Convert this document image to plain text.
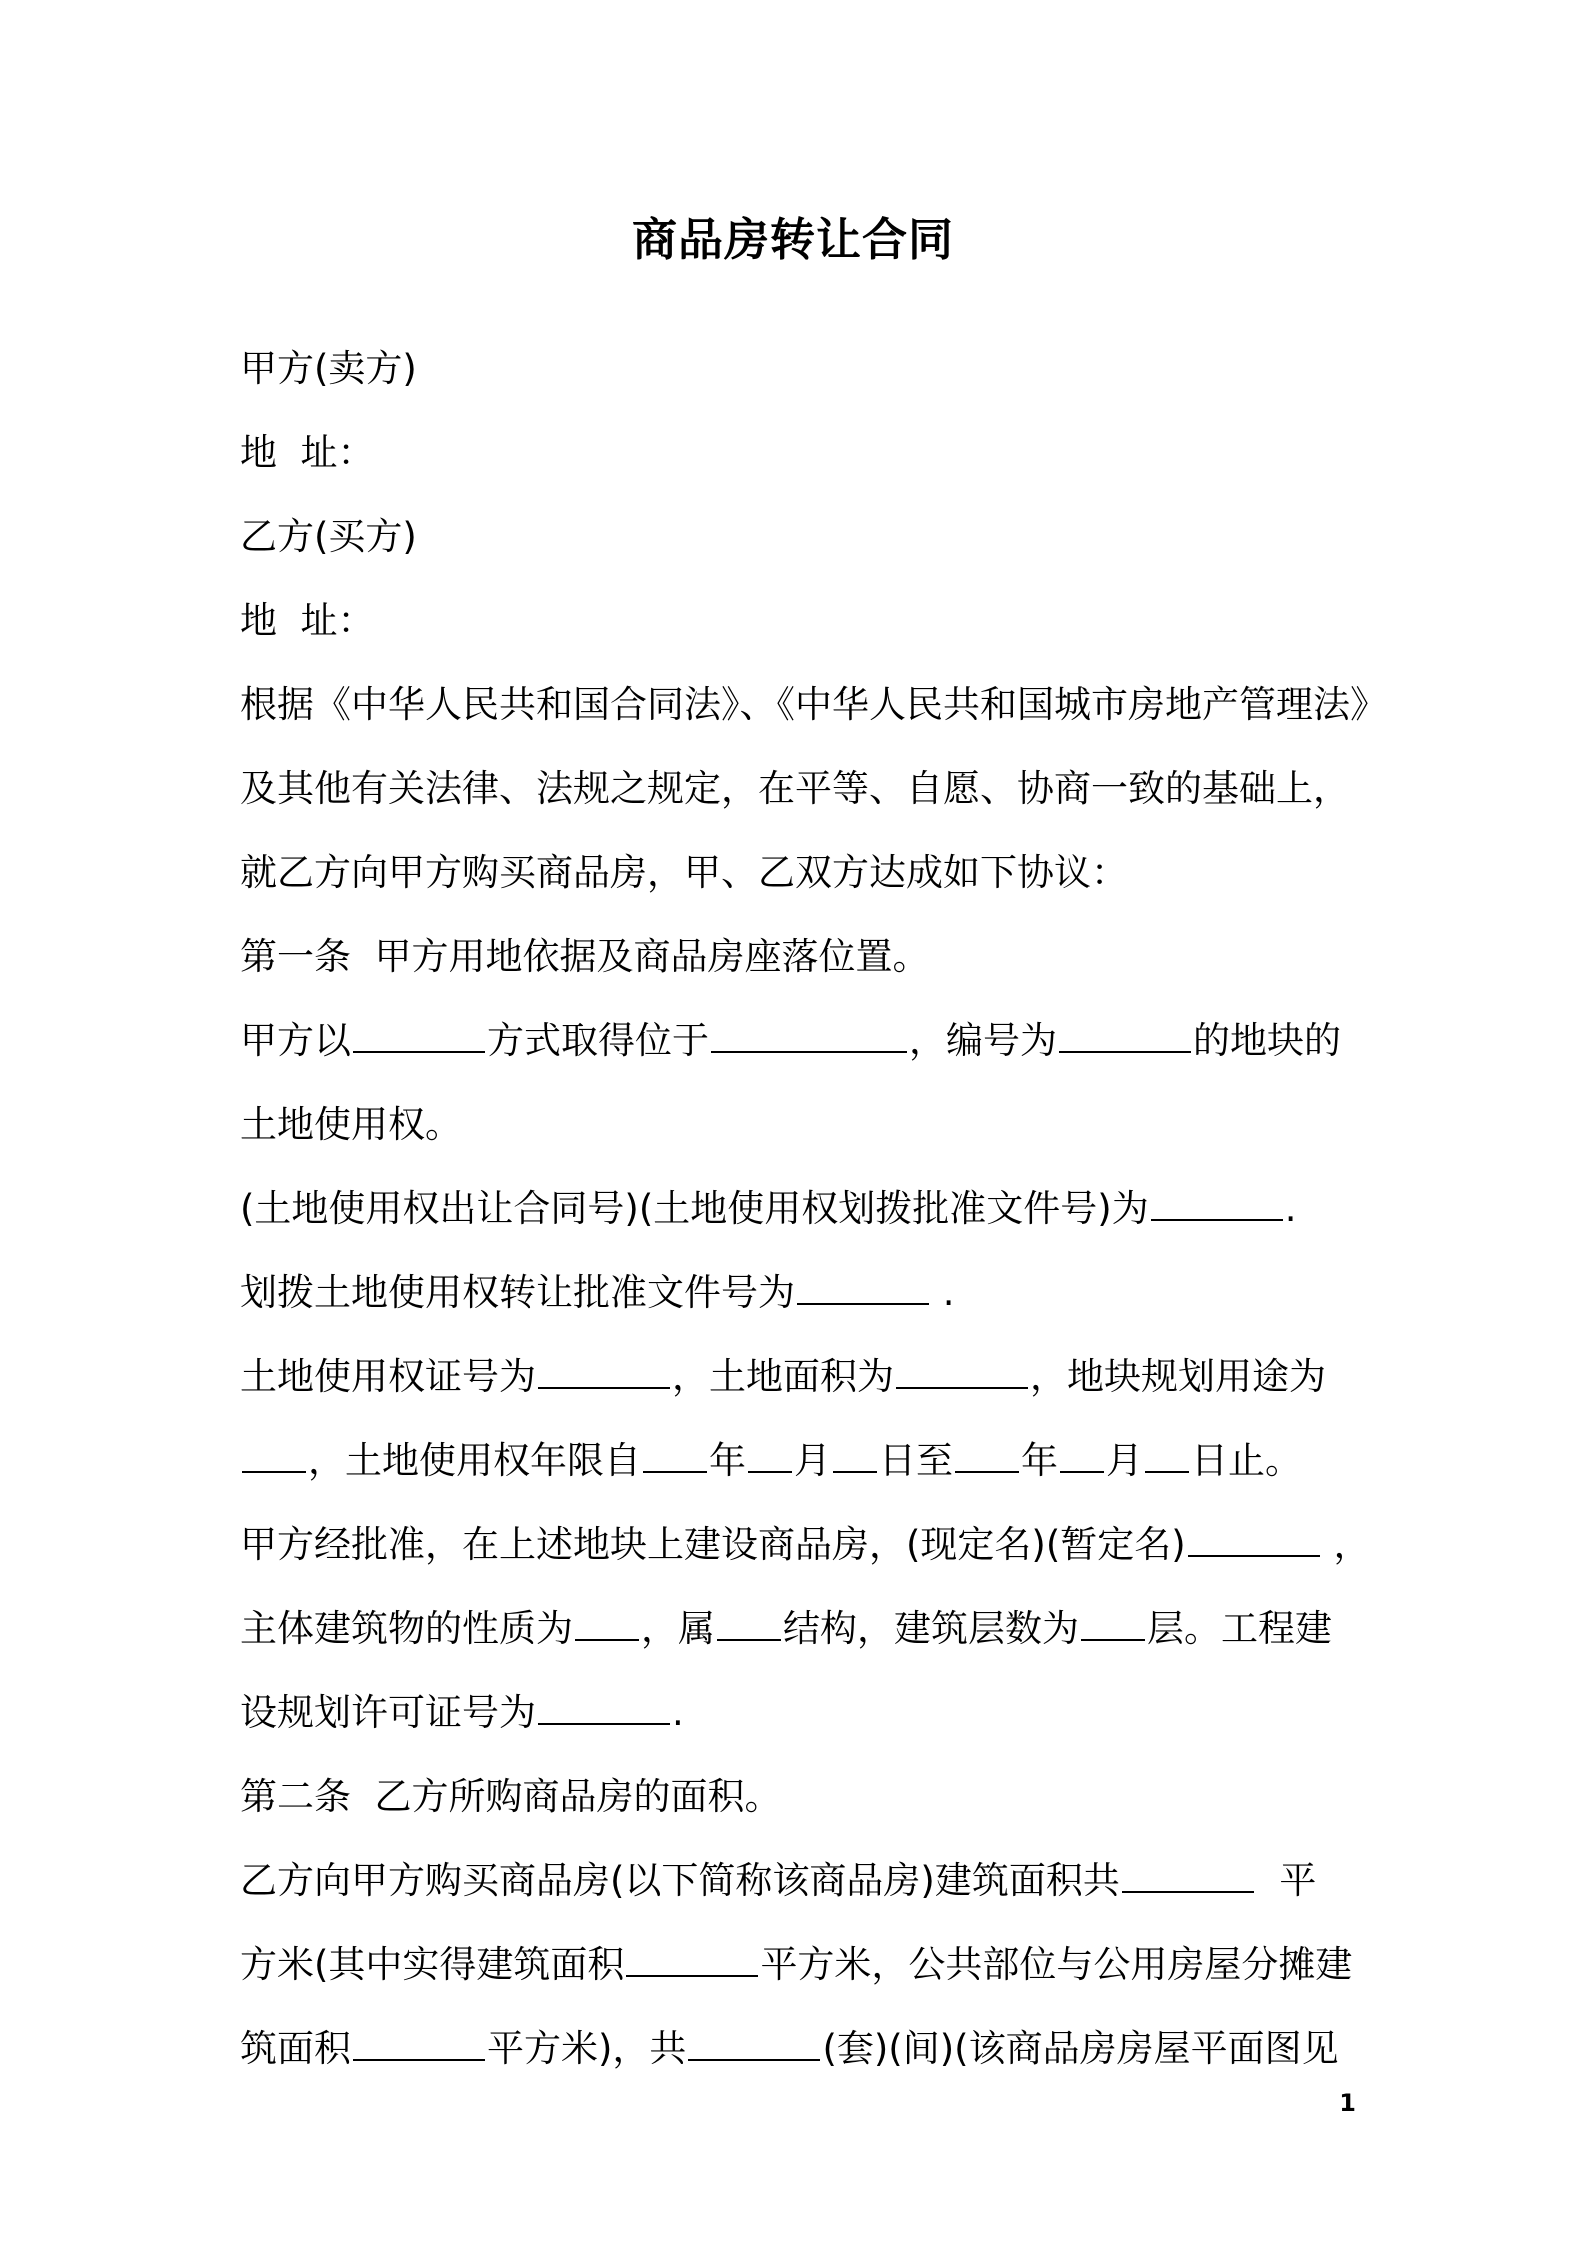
商品房转让合同
甲方(卖方)
地  址：
乙方(买方)
地  址：
根据《中华人民共和国合同法》、《中华人民共和国城市房地产管理法》
及其他有关法律、法规之规定，在平等、自愿、协商一致的基础上，
就乙方向甲方购买商品房，甲、乙双方达成如下协议：
第一条  甲方用地依据及商品房座落位置。
甲方以	方式取得位于	，编号为	的地块的
土地使用权。
(土地使用权出让合同号)(土地使用权划拨批准文件号)为	.
划拨土地使用权转让批准文件号为	.
土地使用权证号为	，土地面积为	，地块规划用途为
，土地使用权年限自 年 月 日至 年 月 日止。
甲方经批准，在上述地块上建设商品房，(现定名)(暂定名)	，
主体建筑物的性质为 ，属 结构，建筑层数为 层。工程建
设规划许可证号为	.
第二条  乙方所购商品房的面积。
乙方向甲方购买商品房(以下简称该商品房)建筑面积共	平
方米(其中实得建筑面积	平方米，公共部位与公用房屋分摊建
筑面积	平方米)，共	(套)(间)(该商品房房屋平面图见
1
